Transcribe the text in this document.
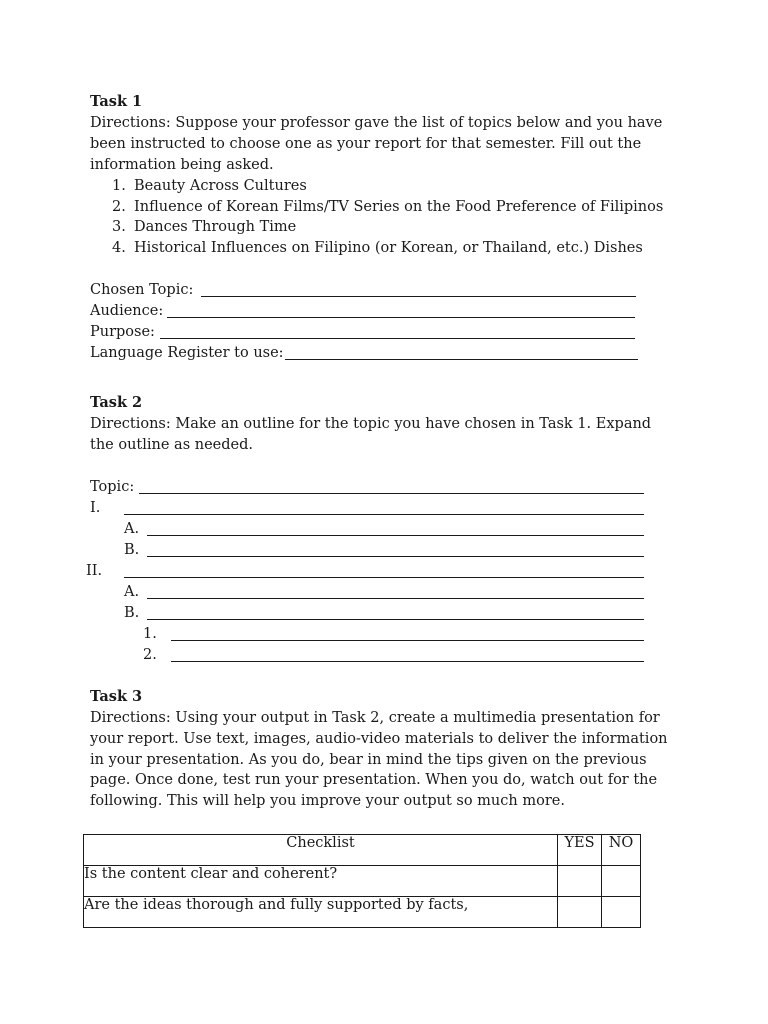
Task 1
Directions: Suppose your professor gave the list of topics below and you have been instructed to choose one as your report for that semester. Fill out the information being asked.
1. Beauty Across Cultures
2. Influence of Korean Films/TV Series on the Food Preference of Filipinos
3. Dances Through Time
4. Historical Influences on Filipino (or Korean, or Thailand, etc.) Dishes
Chosen Topic:
Audience:
Purpose:
Language Register to use:
Task 2
Directions: Make an outline for the topic you have chosen in Task 1. Expand the outline as needed.
Topic:
I.
A.
B.
II.
A.
B.
1.
2.
Task 3
Directions: Using your output in Task 2, create a multimedia presentation for your report. Use text, images, audio-video materials to deliver the information in your presentation. As you do, bear in mind the tips given on the previous page. Once done, test run your presentation. When you do, watch out for the following. This will help you improve your output so much more.
Checklist	YES	NO
Is the content clear and coherent?		
Are the ideas thorough and fully supported by facts,		
